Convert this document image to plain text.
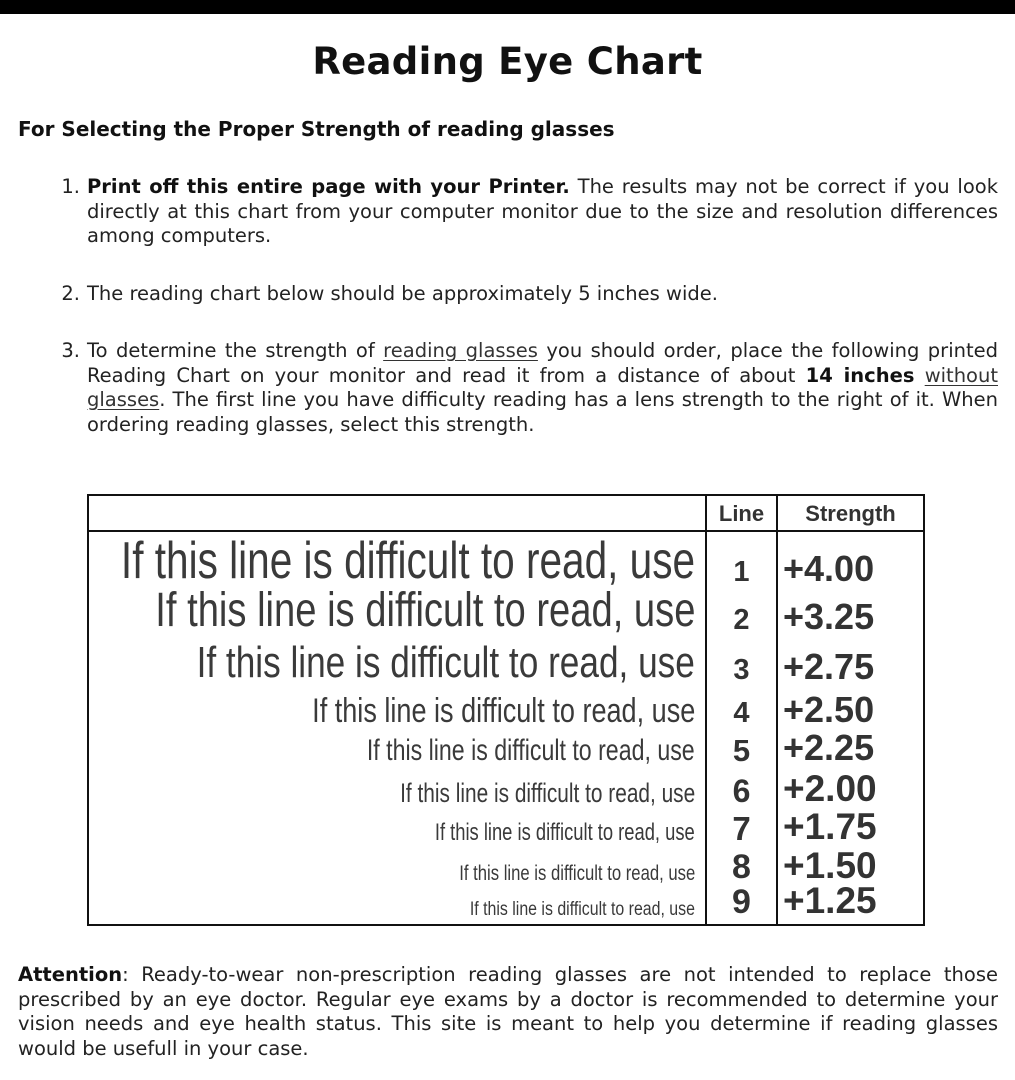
Reading Eye Chart
For Selecting the Proper Strength of reading glasses
1. Print off this entire page with your Printer. The results may not be correct if you look directly at this chart from your computer monitor due to the size and resolution differences among computers.
2. The reading chart below should be approximately 5 inches wide.
3. To determine the strength of reading glasses you should order, place the following printed Reading Chart on your monitor and read it from a distance of about 14 inches without glasses. The first line you have difficulty reading has a lens strength to the right of it. When ordering reading glasses, select this strength.
Line	Strength
If this line is difficult to read, use	1 +4.00
If this line is difficult to read, use	2 +3.25
If this line is difficult to read, use	3 +2.75
If this line is difficult to read, use	4 +2.50
If this line is difficult to read, use	5 +2.25
If this line is difficult to read, use	6 +2.00
If this line is difficult to read, use	7 +1.75
If this line is difficult to read, use	8 +1.50
If this line is difficult to read, use	9 +1.25
Attention: Ready-to-wear non-prescription reading glasses are not intended to replace those prescribed by an eye doctor. Regular eye exams by a doctor is recommended to determine your vision needs and eye health status. This site is meant to help you determine if reading glasses would be usefull in your case.
